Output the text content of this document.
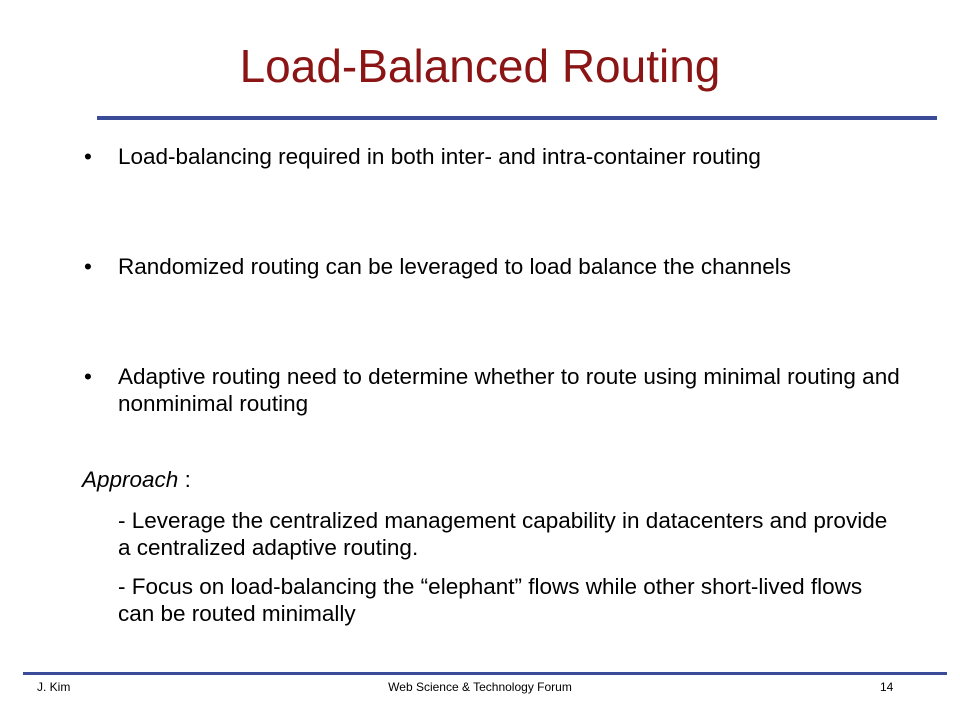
Load-Balanced Routing
• Load-balancing required in both inter- and intra-container routing
• Randomized routing can be leveraged to load balance the channels
• Adaptive routing need to determine whether to route using minimal routing and nonminimal routing
Approach :
- Leverage the centralized management capability in datacenters and provide a centralized adaptive routing.
- Focus on load-balancing the “elephant” flows while other short-lived flows can be routed minimally
J. Kim	Web Science & Technology Forum	14
